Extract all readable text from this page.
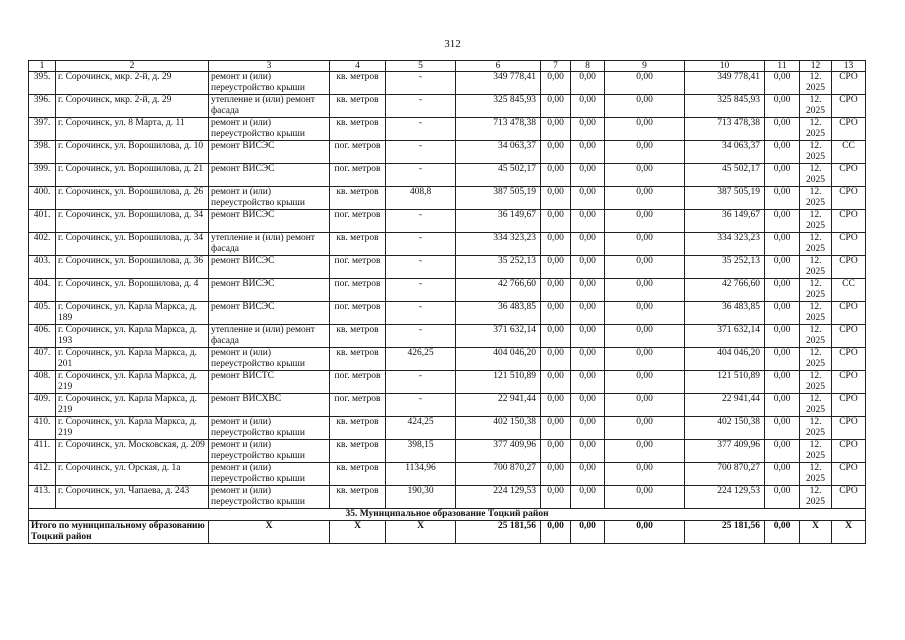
312
1	2	3	4	5	6	7	8	9	10	11	12	13
395.	г. Сорочинск, мкр. 2-й, д. 29	ремонт и (или) переустройство крыши	кв. метров	-	349 778,41	0,00	0,00	0,00	349 778,41	0,00	12. 2025	СРО
396.	г. Сорочинск, мкр. 2-й, д. 29	утепление и (или) ремонт фасада	кв. метров	-	325 845,93	0,00	0,00	0,00	325 845,93	0,00	12. 2025	СРО
397.	г. Сорочинск, ул. 8 Марта, д. 11	ремонт и (или) переустройство крыши	кв. метров	-	713 478,38	0,00	0,00	0,00	713 478,38	0,00	12. 2025	СРО
398.	г. Сорочинск, ул. Ворошилова, д. 10	ремонт ВИСЭС	пог. метров	-	34 063,37	0,00	0,00	0,00	34 063,37	0,00	12. 2025	СС
399.	г. Сорочинск, ул. Ворошилова, д. 21	ремонт ВИСЭС	пог. метров	-	45 502,17	0,00	0,00	0,00	45 502,17	0,00	12. 2025	СРО
400.	г. Сорочинск, ул. Ворошилова, д. 26	ремонт и (или) переустройство крыши	кв. метров	408,8	387 505,19	0,00	0,00	0,00	387 505,19	0,00	12. 2025	СРО
401.	г. Сорочинск, ул. Ворошилова, д. 34	ремонт ВИСЭС	пог. метров	-	36 149,67	0,00	0,00	0,00	36 149,67	0,00	12. 2025	СРО
402.	г. Сорочинск, ул. Ворошилова, д. 34	утепление и (или) ремонт фасада	кв. метров	-	334 323,23	0,00	0,00	0,00	334 323,23	0,00	12. 2025	СРО
403.	г. Сорочинск, ул. Ворошилова, д. 36	ремонт ВИСЭС	пог. метров	-	35 252,13	0,00	0,00	0,00	35 252,13	0,00	12. 2025	СРО
404.	г. Сорочинск, ул. Ворошилова, д. 4	ремонт ВИСЭС	пог. метров	-	42 766,60	0,00	0,00	0,00	42 766,60	0,00	12. 2025	СС
405.	г. Сорочинск, ул. Карла Маркса, д. 189	ремонт ВИСЭС	пог. метров	-	36 483,85	0,00	0,00	0,00	36 483,85	0,00	12. 2025	СРО
406.	г. Сорочинск, ул. Карла Маркса, д. 193	утепление и (или) ремонт фасада	кв. метров	-	371 632,14	0,00	0,00	0,00	371 632,14	0,00	12. 2025	СРО
407.	г. Сорочинск, ул. Карла Маркса, д. 201	ремонт и (или) переустройство крыши	кв. метров	426,25	404 046,20	0,00	0,00	0,00	404 046,20	0,00	12. 2025	СРО
408.	г. Сорочинск, ул. Карла Маркса, д. 219	ремонт ВИСТС	пог. метров	-	121 510,89	0,00	0,00	0,00	121 510,89	0,00	12. 2025	СРО
409.	г. Сорочинск, ул. Карла Маркса, д. 219	ремонт ВИСХВС	пог. метров	-	22 941,44	0,00	0,00	0,00	22 941,44	0,00	12. 2025	СРО
410.	г. Сорочинск, ул. Карла Маркса, д. 219	ремонт и (или) переустройство крыши	кв. метров	424,25	402 150,38	0,00	0,00	0,00	402 150,38	0,00	12. 2025	СРО
411.	г. Сорочинск, ул. Московская, д. 209	ремонт и (или) переустройство крыши	кв. метров	398,15	377 409,96	0,00	0,00	0,00	377 409,96	0,00	12. 2025	СРО
412.	г. Сорочинск, ул. Орская, д. 1а	ремонт и (или) переустройство крыши	кв. метров	1134,96	700 870,27	0,00	0,00	0,00	700 870,27	0,00	12. 2025	СРО
413.	г. Сорочинск, ул. Чапаева, д. 243	ремонт и (или) переустройство крыши	кв. метров	190,30	224 129,53	0,00	0,00	0,00	224 129,53	0,00	12. 2025	СРО
35. Муниципальное образование Тоцкий район												
Итого по муниципальному образованию Тоцкий район		X	X	X	25 181,56	0,00	0,00	0,00	25 181,56	0,00	X	X
